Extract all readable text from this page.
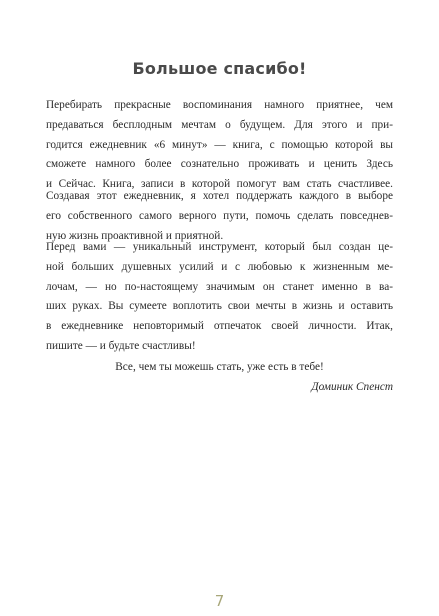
Большое спасибо!
Перебирать прекрасные воспоминания намного приятнее, чем
предаваться бесплодным мечтам о будущем. Для этого и при-
годится ежедневник «6 минут» — книга, с помощью которой вы
сможете намного более сознательно проживать и ценить Здесь
и Сейчас. Книга, записи в которой помогут вам стать счастливее.
Создавая этот ежедневник, я хотел поддержать каждого в выборе
его собственного самого верного пути, помочь сделать повседнев-
ную жизнь проактивной и приятной.
Перед вами — уникальный инструмент, который был создан це-
ной больших душевных усилий и с любовью к жизненным ме-
лочам, — но по-настоящему значимым он станет именно в ва-
ших руках. Вы сумеете воплотить свои мечты в жизнь и оставить
в ежедневнике неповторимый отпечаток своей личности. Итак,
пишите — и будьте счастливы!
Все, чем ты можешь стать, уже есть в тебе!
Доминик Спенст
7
